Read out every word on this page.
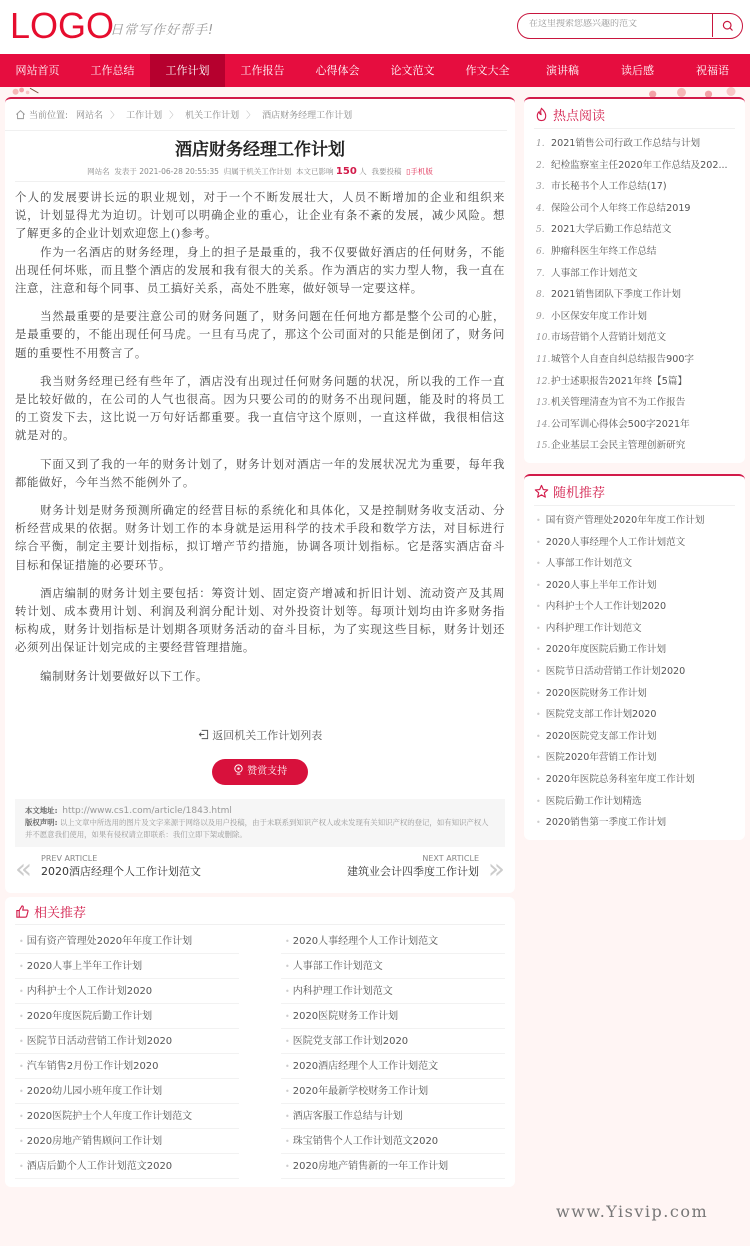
LOGO
日常写作好帮手!
在这里搜索您感兴趣的范文
网站首页	工作总结	工作计划	工作报告	心得体会	论文范文	作文大全	演讲稿	读后感	祝福语
当前位置: 网站名 〉 工作计划 〉 机关工作计划 〉 酒店财务经理工作计划
酒店财务经理工作计划
网站名 发表于 2021-06-28 20:55:35 归属于机关工作计划 本文已影响 150 人 我要投稿 ▯手机版

个人的发展要讲长远的职业规划，对于一个不断发展壮大，人员不断增加的企业和组织来说，计划显得尤为迫切。计划可以明确企业的重心，让企业有条不紊的发展，减少风险。想了解更多的企业计划欢迎您上()参考。

作为一名酒店的财务经理，身上的担子是最重的，我不仅要做好酒店的任何财务，不能出现任何坏账，而且整个酒店的发展和我有很大的关系。作为酒店的实力型人物，我一直在注意，注意和每个同事、员工搞好关系，高处不胜寒，做好领导一定要这样。

当然最重要的是要注意公司的财务问题了，财务问题在任何地方都是整个公司的心脏，是最重要的，不能出现任何马虎。一旦有马虎了，那这个公司面对的只能是倒闭了，财务问题的重要性不用赘言了。

我当财务经理已经有些年了，酒店没有出现过任何财务问题的状况，所以我的工作一直是比较好做的，在公司的人气也很高。因为只要公司的的财务不出现问题，能及时的将员工的工资发下去，这比说一万句好话都重要。我一直信守这个原则，一直这样做，我很相信这就是对的。

下面又到了我的一年的财务计划了，财务计划对酒店一年的发展状况尤为重要，每年我都能做好，今年当然不能例外了。

财务计划是财务预测所确定的经营目标的系统化和具体化，又是控制财务收支活动、分析经营成果的依据。财务计划工作的本身就是运用科学的技术手段和数学方法，对目标进行综合平衡，制定主要计划指标，拟订增产节约措施，协调各项计划指标。它是落实酒店奋斗目标和保证措施的必要环节。

酒店编制的财务计划主要包括：筹资计划、固定资产增减和折旧计划、流动资产及其周转计划、成本费用计划、利润及利润分配计划、对外投资计划等。每项计划均由许多财务指标构成，财务计划指标是计划期各项财务活动的奋斗目标，为了实现这些目标，财务计划还必须列出保证计划完成的主要经营管理措施。

编制财务计划要做好以下工作。

返回机关工作计划列表
赞赏支持
本文地址: http://www.cs1.com/article/1843.html
版权声明: 以上文章中所选用的图片及文字来源于网络以及用户投稿，由于未联系到知识产权人或未发现有关知识产权的登记，如有知识产权人并不愿意我们使用，如果有侵权请立即联系：我们立即下架或删除。
« PREV ARTICLE
2020酒店经理个人工作计划范文
NEXT ARTICLE
建筑业会计四季度工作计划 »
相关推荐
• 国有资产管理处2020年年度工作计划	• 2020人事经理个人工作计划范文
• 2020人事上半年工作计划	• 人事部工作计划范文
• 内科护士个人工作计划2020	• 内科护理工作计划范文
• 2020年度医院后勤工作计划	• 2020医院财务工作计划
• 医院节日活动营销工作计划2020	• 医院党支部工作计划2020
• 汽车销售2月份工作计划2020	• 2020酒店经理个人工作计划范文
• 2020幼儿园小班年度工作计划	• 2020年最新学校财务工作计划
• 2020医院护士个人年度工作计划范文	• 酒店客服工作总结与计划
• 2020房地产销售顾问工作计划	• 珠宝销售个人工作计划范文2020
• 酒店后勤个人工作计划范文2020	• 2020房地产销售新的一年工作计划
热点阅读
1. 2021销售公司行政工作总结与计划
2. 纪检监察室主任2020年工作总结及202...
3. 市长秘书个人工作总结(17)
4. 保险公司个人年终工作总结2019
5. 2021大学后勤工作总结范文
6. 肿瘤科医生年终工作总结
7. 人事部工作计划范文
8. 2021销售团队下季度工作计划
9. 小区保安年度工作计划
10.市场营销个人营销计划范文
11.城管个人自查自纠总结报告900字
12.护士述职报告2021年终【5篇】
13.机关管理清查为官不为工作报告
14.公司军训心得体会500字2021年
15.企业基层工会民主管理创新研究
随机推荐
• 国有资产管理处2020年年度工作计划
• 2020人事经理个人工作计划范文
• 人事部工作计划范文
• 2020人事上半年工作计划
• 内科护士个人工作计划2020
• 内科护理工作计划范文
• 2020年度医院后勤工作计划
• 医院节日活动营销工作计划2020
• 2020医院财务工作计划
• 医院党支部工作计划2020
• 2020医院党支部工作计划
• 医院2020年营销工作计划
• 2020年医院总务科室年度工作计划
• 医院后勤工作计划精选
• 2020销售第一季度工作计划
www.Yisvip.com
